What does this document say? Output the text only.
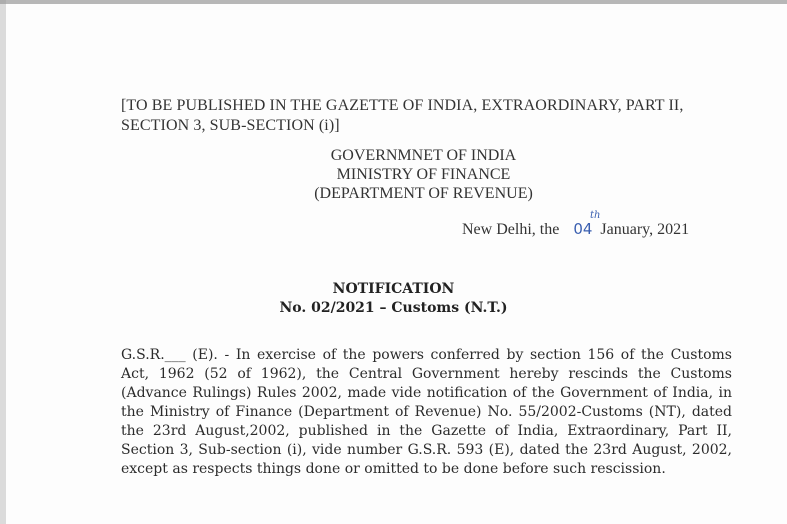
[TO BE PUBLISHED IN THE GAZETTE OF INDIA, EXTRAORDINARY, PART II,
SECTION 3, SUB-SECTION (i)]
GOVERNMNET OF INDIA
MINISTRY OF FINANCE
(DEPARTMENT OF REVENUE)
New Delhi, the 04
th
January, 2021
NOTIFICATION
No. 02/2021 – Customs (N.T.)
G.S.R.___ (E). - In exercise of the powers conferred by section 156 of the Customs Act, 1962 (52 of 1962), the Central Government hereby rescinds the Customs (Advance Rulings) Rules 2002, made vide notification of the Government of India, in the Ministry of Finance (Department of Revenue) No. 55/2002-Customs (NT), dated the 23rd August,2002, published in the Gazette of India, Extraordinary, Part II, Section 3, Sub-section (i), vide number G.S.R. 593 (E), dated the 23rd August, 2002, except as respects things done or omitted to be done before such rescission.
